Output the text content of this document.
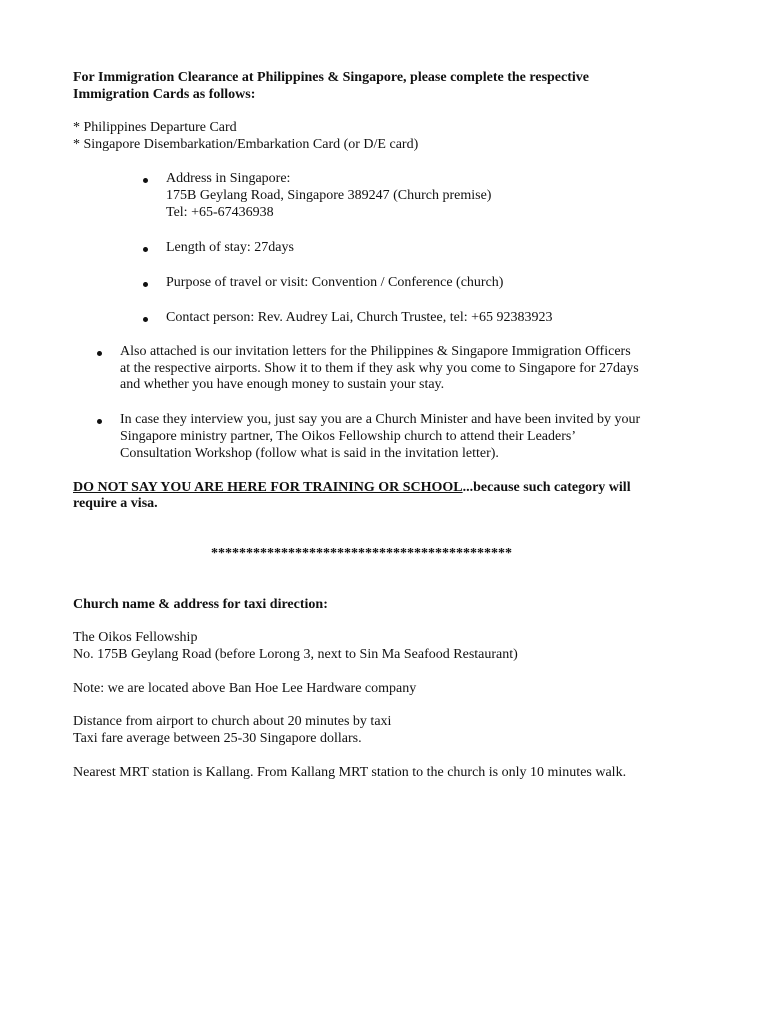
For Immigration Clearance at Philippines & Singapore, please complete the respective
Immigration Cards as follows:
* Philippines Departure Card
* Singapore Disembarkation/Embarkation Card (or D/E card)
Address in Singapore:
175B Geylang Road, Singapore 389247 (Church premise)
Tel: +65-67436938
Length of stay: 27days
Purpose of travel or visit: Convention / Conference (church)
Contact person: Rev. Audrey Lai, Church Trustee, tel: +65 92383923
Also attached is our invitation letters for the Philippines & Singapore Immigration Officers
at the respective airports. Show it to them if they ask why you come to Singapore for 27days
and whether you have enough money to sustain your stay.
In case they interview you, just say you are a Church Minister and have been invited by your
Singapore ministry partner, The Oikos Fellowship church to attend their Leaders’
Consultation Workshop (follow what is said in the invitation letter).
DO NOT SAY YOU ARE HERE FOR TRAINING OR SCHOOL...because such category will
require a visa.
*******************************************
Church name & address for taxi direction:
The Oikos Fellowship
No. 175B Geylang Road (before Lorong 3, next to Sin Ma Seafood Restaurant)
Note: we are located above Ban Hoe Lee Hardware company
Distance from airport to church about 20 minutes by taxi
Taxi fare average between 25-30 Singapore dollars.
Nearest MRT station is Kallang. From Kallang MRT station to the church is only 10 minutes walk.
